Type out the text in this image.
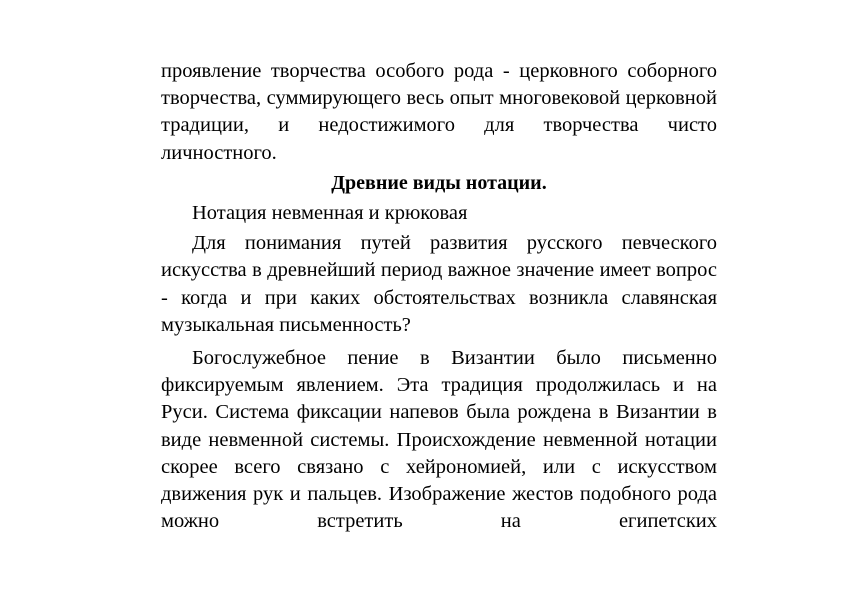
проявление творчества особого рода - церковного соборного творчества, суммирующего весь опыт многовековой церковной традиции, и недостижимого для творчества чисто личностного.

Древние виды нотации.

Нотация невменная и крюковая

Для понимания путей развития русского певческого искусства в древнейший период важное значение имеет вопрос - когда и при каких обстоятельствах возникла славянская музыкальная письменность?

Богослужебное пение в Византии было письменно фиксируемым явлением. Эта традиция продолжилась и на Руси. Система фиксации напевов была рождена в Византии в виде невменной системы. Происхождение невменной нотации скорее всего связано с хейрономией, или с искусством движения рук и пальцев. Изображение жестов подобного рода можно встретить на египетских
